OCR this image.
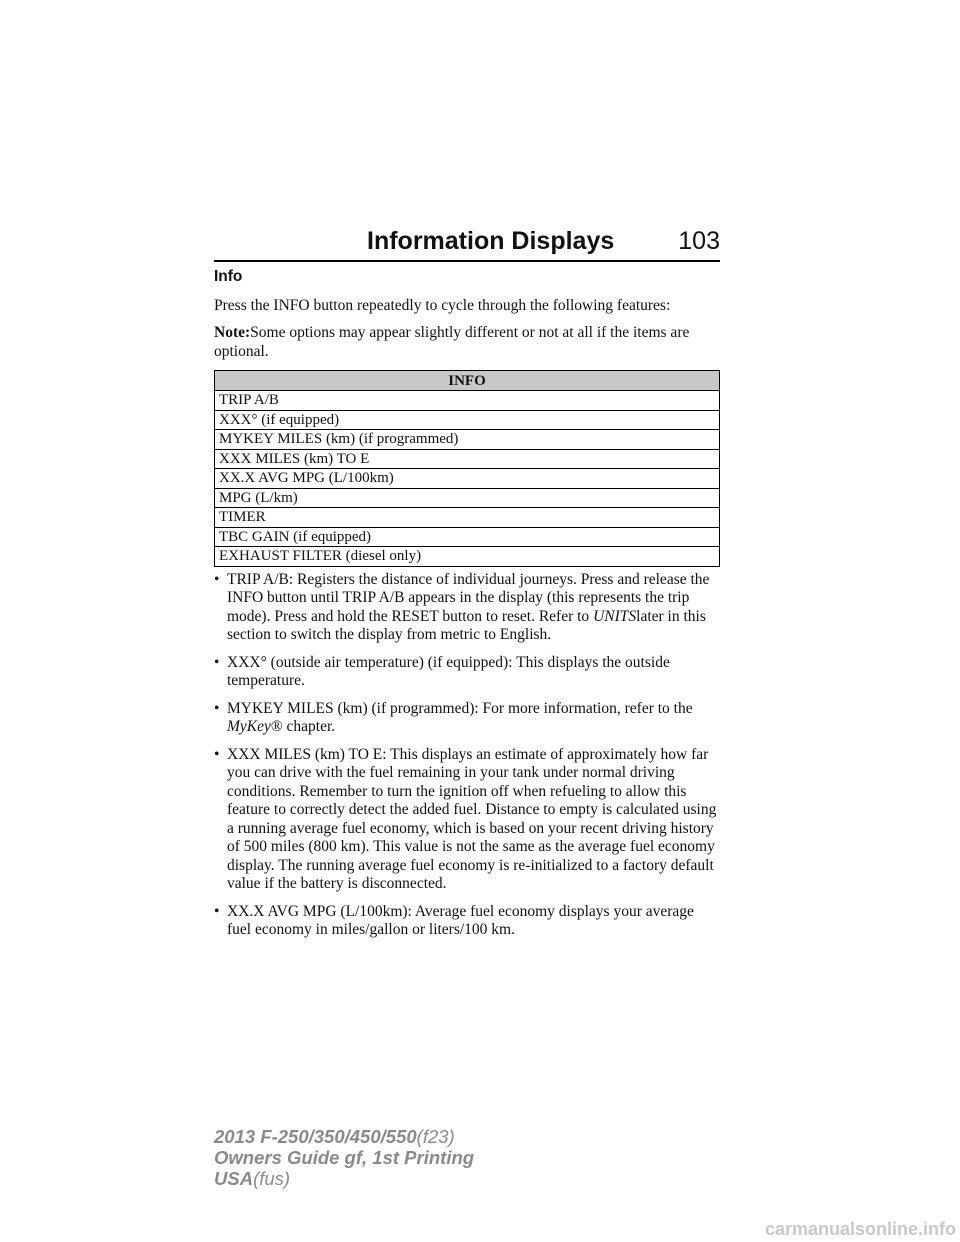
Information Displays	103
Info

Press the INFO button repeatedly to cycle through the following features:

Note:Some options may appear slightly different or not at all if the items are optional.

INFO
TRIP A/B
XXX° (if equipped)
MYKEY MILES (km) (if programmed)
XXX MILES (km) TO E
XX.X AVG MPG (L/100km)
MPG (L/km)
TIMER
TBC GAIN (if equipped)
EXHAUST FILTER (diesel only)
• TRIP A/B: Registers the distance of individual journeys. Press and release the INFO button until TRIP A/B appears in the display (this represents the trip mode). Press and hold the RESET button to reset. Refer to UNITSlater in this section to switch the display from metric to English.
• XXX° (outside air temperature) (if equipped): This displays the outside temperature.
• MYKEY MILES (km) (if programmed): For more information, refer to the MyKey® chapter.
• XXX MILES (km) TO E: This displays an estimate of approximately how far you can drive with the fuel remaining in your tank under normal driving conditions. Remember to turn the ignition off when refueling to allow this feature to correctly detect the added fuel. Distance to empty is calculated using a running average fuel economy, which is based on your recent driving history of 500 miles (800 km). This value is not the same as the average fuel economy display. The running average fuel economy is re-initialized to a factory default value if the battery is disconnected.
• XX.X AVG MPG (L/100km): Average fuel economy displays your average fuel economy in miles/gallon or liters/100 km.
2013 F-250/350/450/550(f23)
Owners Guide gf, 1st Printing
USA(fus)
carmanualsonline.info
